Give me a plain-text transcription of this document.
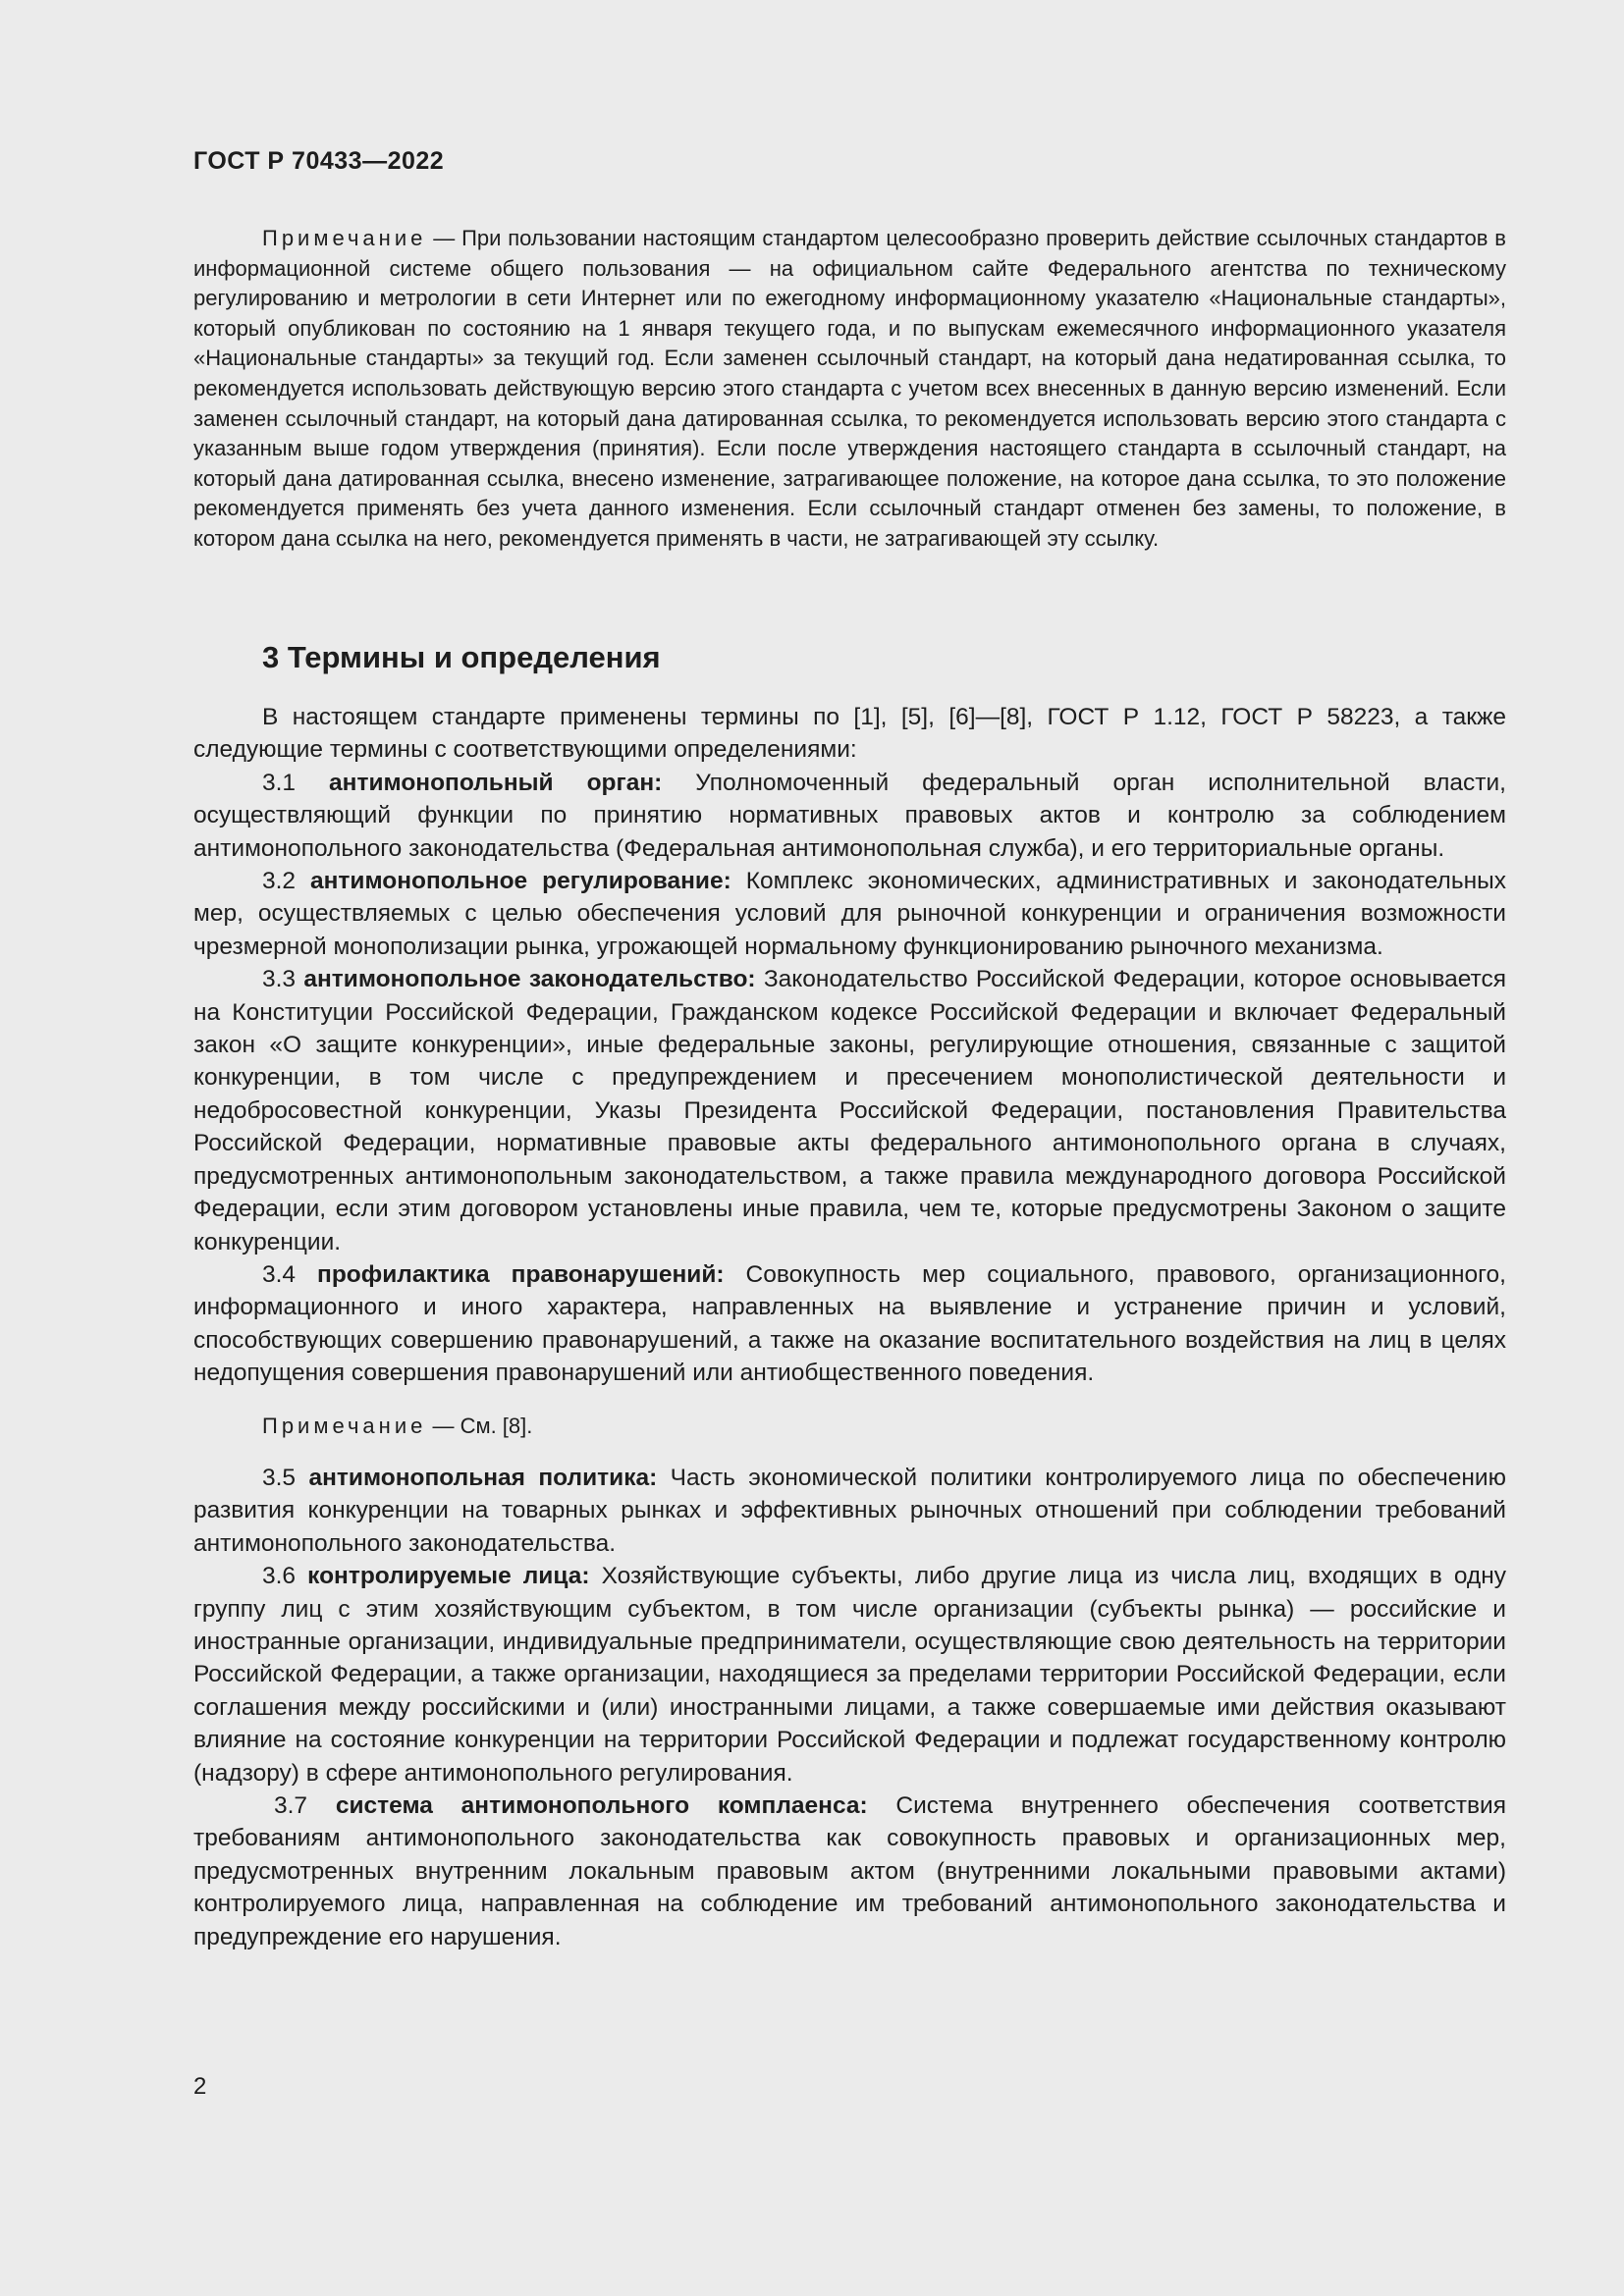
ГОСТ Р 70433—2022

Примечание — При пользовании настоящим стандартом целесообразно проверить действие ссылочных стандартов в информационной системе общего пользования — на официальном сайте Федерального агентства по техническому регулированию и метрологии в сети Интернет или по ежегодному информационному указателю «Национальные стандарты», который опубликован по состоянию на 1 января текущего года, и по выпускам ежемесячного информационного указателя «Национальные стандарты» за текущий год. Если заменен ссылочный стандарт, на который дана недатированная ссылка, то рекомендуется использовать действующую версию этого стандарта с учетом всех внесенных в данную версию изменений. Если заменен ссылочный стандарт, на который дана датированная ссылка, то рекомендуется использовать версию этого стандарта с указанным выше годом утверждения (принятия). Если после утверждения настоящего стандарта в ссылочный стандарт, на который дана датированная ссылка, внесено изменение, затрагивающее положение, на которое дана ссылка, то это положение рекомендуется применять без учета данного изменения. Если ссылочный стандарт отменен без замены, то положение, в котором дана ссылка на него, рекомендуется применять в части, не затрагивающей эту ссылку.

3 Термины и определения

В настоящем стандарте применены термины по [1], [5], [6]—[8], ГОСТ Р 1.12, ГОСТ Р 58223, а также следующие термины с соответствующими определениями:

3.1 антимонопольный орган: Уполномоченный федеральный орган исполнительной власти, осуществляющий функции по принятию нормативных правовых актов и контролю за соблюдением антимонопольного законодательства (Федеральная антимонопольная служба), и его территориальные органы.

3.2 антимонопольное регулирование: Комплекс экономических, административных и законодательных мер, осуществляемых с целью обеспечения условий для рыночной конкуренции и ограничения возможности чрезмерной монополизации рынка, угрожающей нормальному функционированию рыночного механизма.

3.3 антимонопольное законодательство: Законодательство Российской Федерации, которое основывается на Конституции Российской Федерации, Гражданском кодексе Российской Федерации и включает Федеральный закон «О защите конкуренции», иные федеральные законы, регулирующие отношения, связанные с защитой конкуренции, в том числе с предупреждением и пресечением монополистической деятельности и недобросовестной конкуренции, Указы Президента Российской Федерации, постановления Правительства Российской Федерации, нормативные правовые акты федерального антимонопольного органа в случаях, предусмотренных антимонопольным законодательством, а также правила международного договора Российской Федерации, если этим договором установлены иные правила, чем те, которые предусмотрены Законом о защите конкуренции.

3.4 профилактика правонарушений: Совокупность мер социального, правового, организационного, информационного и иного характера, направленных на выявление и устранение причин и условий, способствующих совершению правонарушений, а также на оказание воспитательного воздействия на лиц в целях недопущения совершения правонарушений или антиобщественного поведения.

Примечание — См. [8].

3.5 антимонопольная политика: Часть экономической политики контролируемого лица по обеспечению развития конкуренции на товарных рынках и эффективных рыночных отношений при соблюдении требований антимонопольного законодательства.

3.6 контролируемые лица: Хозяйствующие субъекты, либо другие лица из числа лиц, входящих в одну группу лиц с этим хозяйствующим субъектом, в том числе организации (субъекты рынка) — российские и иностранные организации, индивидуальные предприниматели, осуществляющие свою деятельность на территории Российской Федерации, а также организации, находящиеся за пределами территории Российской Федерации, если соглашения между российскими и (или) иностранными лицами, а также совершаемые ими действия оказывают влияние на состояние конкуренции на территории Российской Федерации и подлежат государственному контролю (надзору) в сфере антимонопольного регулирования.

3.7 система антимонопольного комплаенса: Система внутреннего обеспечения соответствия требованиям антимонопольного законодательства как совокупность правовых и организационных мер, предусмотренных внутренним локальным правовым актом (внутренними локальными правовыми актами) контролируемого лица, направленная на соблюдение им требований антимонопольного законодательства и предупреждение его нарушения.

2
